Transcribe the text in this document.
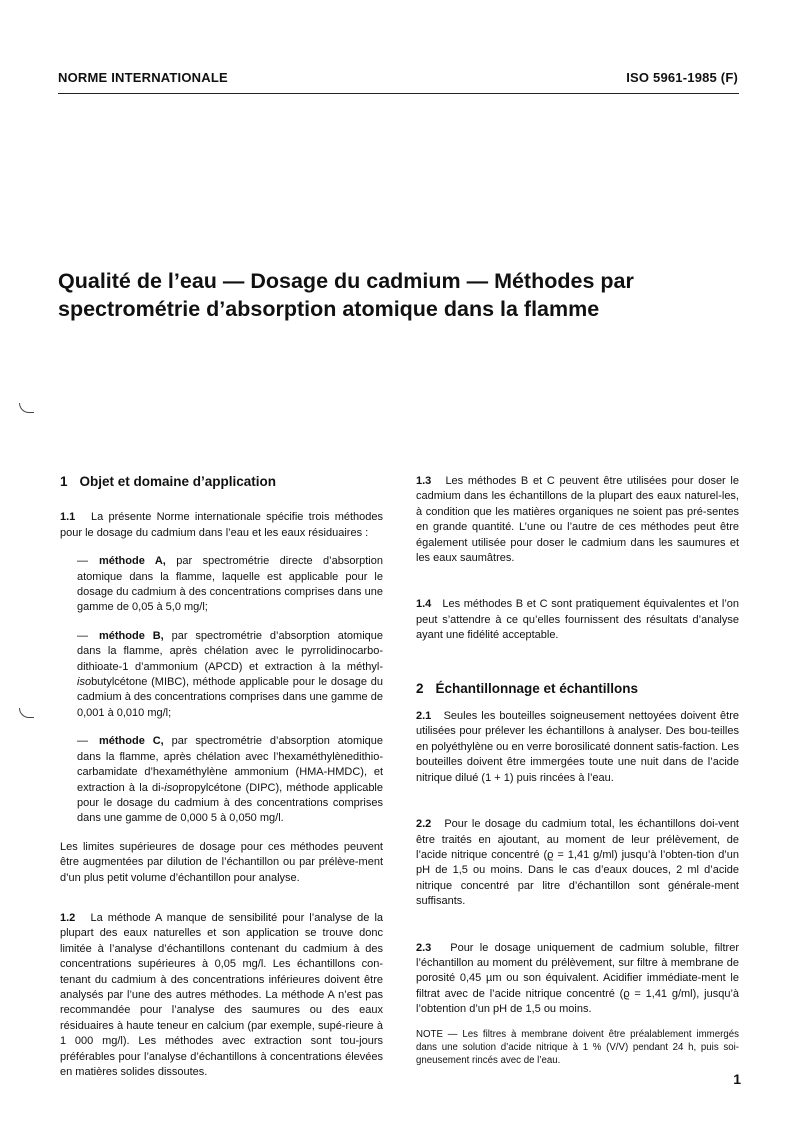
NORME INTERNATIONALE	ISO 5961-1985 (F)
Qualité de l’eau — Dosage du cadmium — Méthodes par
spectrométrie d’absorption atomique dans la flamme
1 Objet et domaine d’application

1.1 La présente Norme internationale spécifie trois méthodes pour le dosage du cadmium dans l’eau et les eaux résiduaires :

— méthode A, par spectrométrie directe d’absorption atomique dans la flamme, laquelle est applicable pour le dosage du cadmium à des concentrations comprises dans une gamme de 0,05 à 5,0 mg/l;

— méthode B, par spectrométrie d’absorption atomique dans la flamme, après chélation avec le pyrrolidinocarbo-dithioate-1 d’ammonium (APCD) et extraction à la méthyl-isobutylcétone (MIBC), méthode applicable pour le dosage du cadmium à des concentrations comprises dans une gamme de 0,001 à 0,010 mg/l;

— méthode C, par spectrométrie d’absorption atomique dans la flamme, après chélation avec l’hexaméthylènedithio-carbamidate d’hexaméthylène ammonium (HMA-HMDC), et extraction à la di-isopropylcétone (DIPC), méthode applicable pour le dosage du cadmium à des concentrations comprises dans une gamme de 0,000 5 à 0,050 mg/l.

Les limites supérieures de dosage pour ces méthodes peuvent être augmentées par dilution de l’échantillon ou par prélève-ment d’un plus petit volume d’échantillon pour analyse.

1.2 La méthode A manque de sensibilité pour l’analyse de la plupart des eaux naturelles et son application se trouve donc limitée à l’analyse d’échantillons contenant du cadmium à des concentrations supérieures à 0,05 mg/l. Les échantillons con-tenant du cadmium à des concentrations inférieures doivent être analysés par l’une des autres méthodes. La méthode A n’est pas recommandée pour l’analyse des saumures ou des eaux résiduaires à haute teneur en calcium (par exemple, supé-rieure à 1 000 mg/l). Les méthodes avec extraction sont tou-jours préférables pour l’analyse d’échantillons à concentrations élevées en matières solides dissoutes.

1.3 Les méthodes B et C peuvent être utilisées pour doser le cadmium dans les échantillons de la plupart des eaux naturel-les, à condition que les matières organiques ne soient pas pré-sentes en grande quantité. L’une ou l’autre de ces méthodes peut être également utilisée pour doser le cadmium dans les saumures et les eaux saumâtres.

1.4 Les méthodes B et C sont pratiquement équivalentes et l’on peut s’attendre à ce qu’elles fournissent des résultats d’analyse ayant une fidélité acceptable.

2 Échantillonnage et échantillons

2.1 Seules les bouteilles soigneusement nettoyées doivent être utilisées pour prélever les échantillons à analyser. Des bou-teilles en polyéthylène ou en verre borosilicaté donnent satis-faction. Les bouteilles doivent être immergées toute une nuit dans de l’acide nitrique dilué (1 + 1) puis rincées à l’eau.

2.2 Pour le dosage du cadmium total, les échantillons doi-vent être traités en ajoutant, au moment de leur prélèvement, de l’acide nitrique concentré (ϱ = 1,41 g/ml) jusqu’à l’obten-tion d’un pH de 1,5 ou moins. Dans le cas d’eaux douces, 2 ml d’acide nitrique concentré par litre d’échantillon sont générale-ment suffisants.

2.3 Pour le dosage uniquement de cadmium soluble, filtrer l’échantillon au moment du prélèvement, sur filtre à membrane de porosité 0,45 µm ou son équivalent. Acidifier immédiate-ment le filtrat avec de l’acide nitrique concentré (ϱ = 1,41 g/ml), jusqu’à l’obtention d’un pH de 1,5 ou moins.

NOTE — Les filtres à membrane doivent être préalablement immergés dans une solution d’acide nitrique à 1 % (V/V) pendant 24 h, puis soi-gneusement rincés avec de l’eau.

1
